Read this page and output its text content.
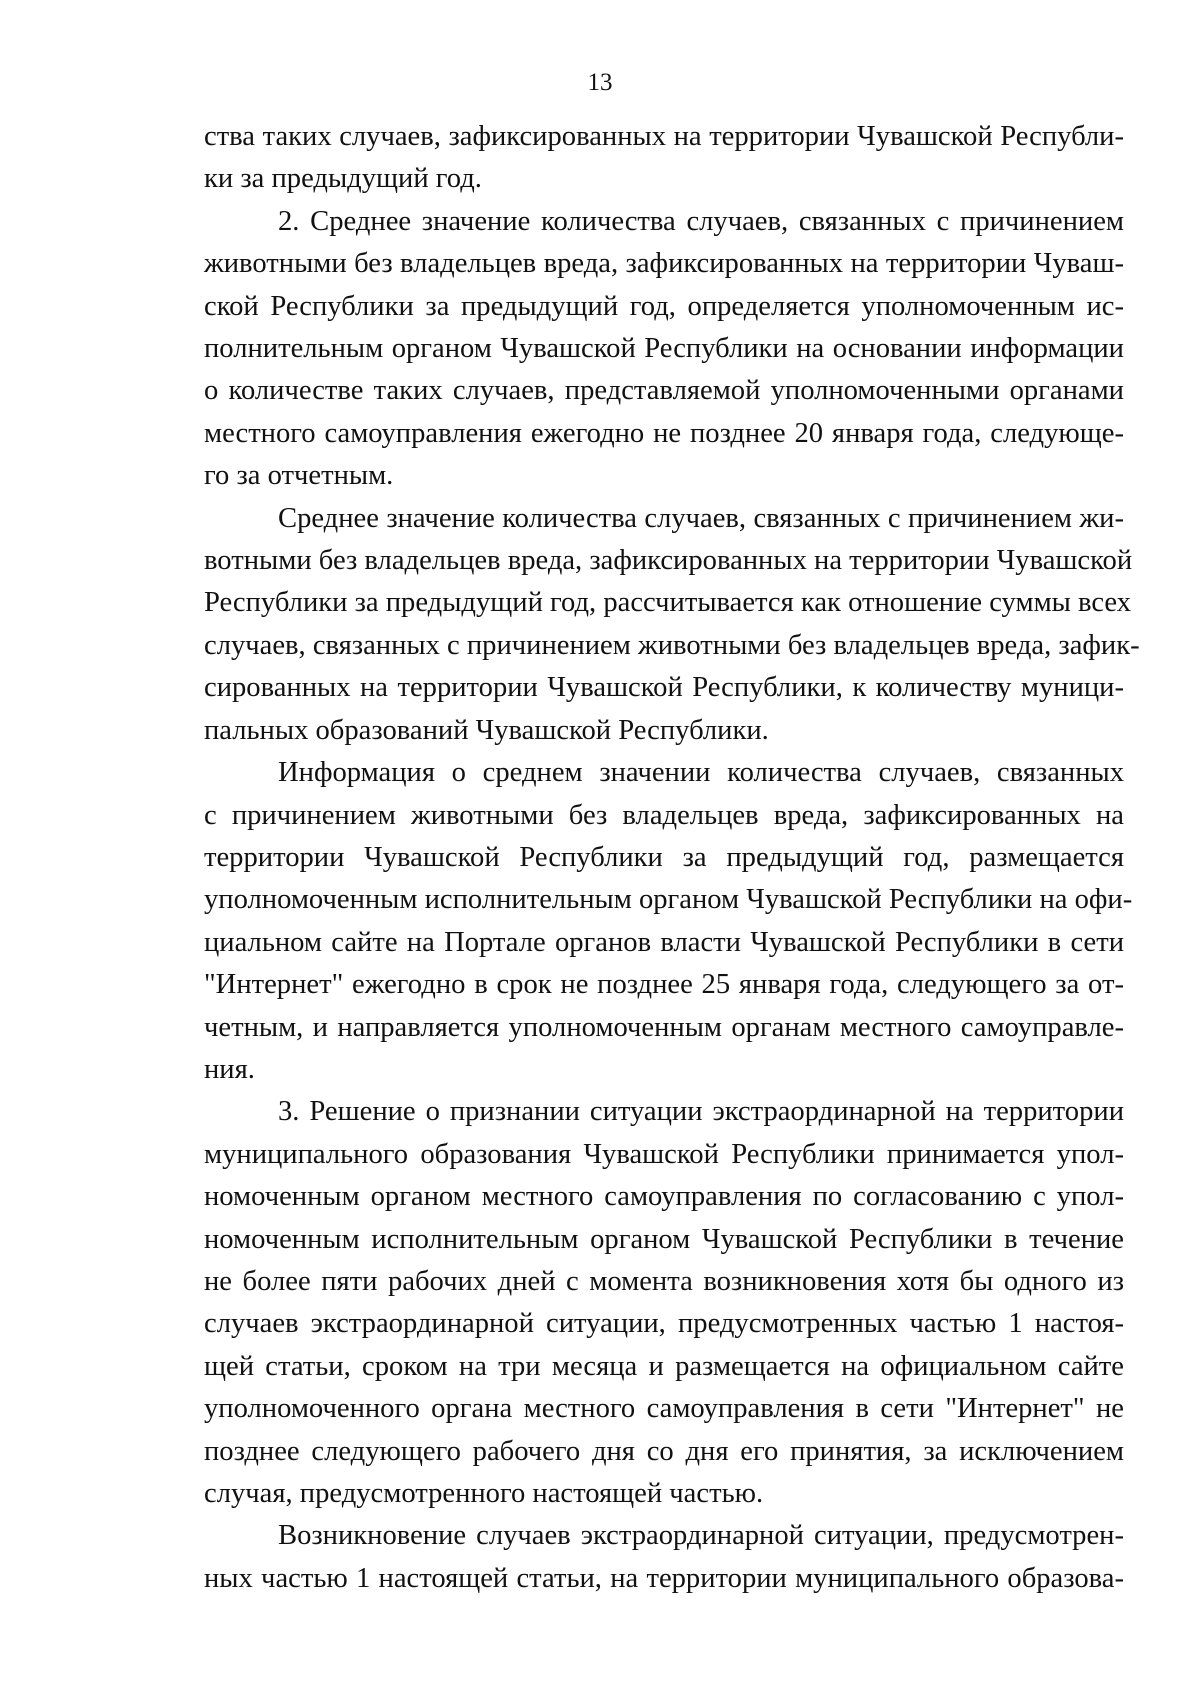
13
ства таких случаев, зафиксированных на территории Чувашской Республи-
ки за предыдущий год.
2. Среднее значение количества случаев, связанных с причинением
животными без владельцев вреда, зафиксированных на территории Чуваш-
ской Республики за предыдущий год, определяется уполномоченным ис-
полнительным органом Чувашской Республики на основании информации
о количестве таких случаев, представляемой уполномоченными органами
местного самоуправления ежегодно не позднее 20 января года, следующе-
го за отчетным.
Среднее значение количества случаев, связанных с причинением жи-
вотными без владельцев вреда, зафиксированных на территории Чувашской
Республики за предыдущий год, рассчитывается как отношение суммы всех
случаев, связанных с причинением животными без владельцев вреда, зафик-
сированных на территории Чувашской Республики, к количеству муници-
пальных образований Чувашской Республики.
Информация о среднем значении количества случаев, связанных
с причинением животными без владельцев вреда, зафиксированных на
территории Чувашской Республики за предыдущий год, размещается
уполномоченным исполнительным органом Чувашской Республики на офи-
циальном сайте на Портале органов власти Чувашской Республики в сети
"Интернет" ежегодно в срок не позднее 25 января года, следующего за от-
четным, и направляется уполномоченным органам местного самоуправле-
ния.
3. Решение о признании ситуации экстраординарной на территории
муниципального образования Чувашской Республики принимается упол-
номоченным органом местного самоуправления по согласованию с упол-
номоченным исполнительным органом Чувашской Республики в течение
не более пяти рабочих дней с момента возникновения хотя бы одного из
случаев экстраординарной ситуации, предусмотренных частью 1 настоя-
щей статьи, сроком на три месяца и размещается на официальном сайте
уполномоченного органа местного самоуправления в сети "Интернет" не
позднее следующего рабочего дня со дня его принятия, за исключением
случая, предусмотренного настоящей частью.
Возникновение случаев экстраординарной ситуации, предусмотрен-
ных частью 1 настоящей статьи, на территории муниципального образова-
